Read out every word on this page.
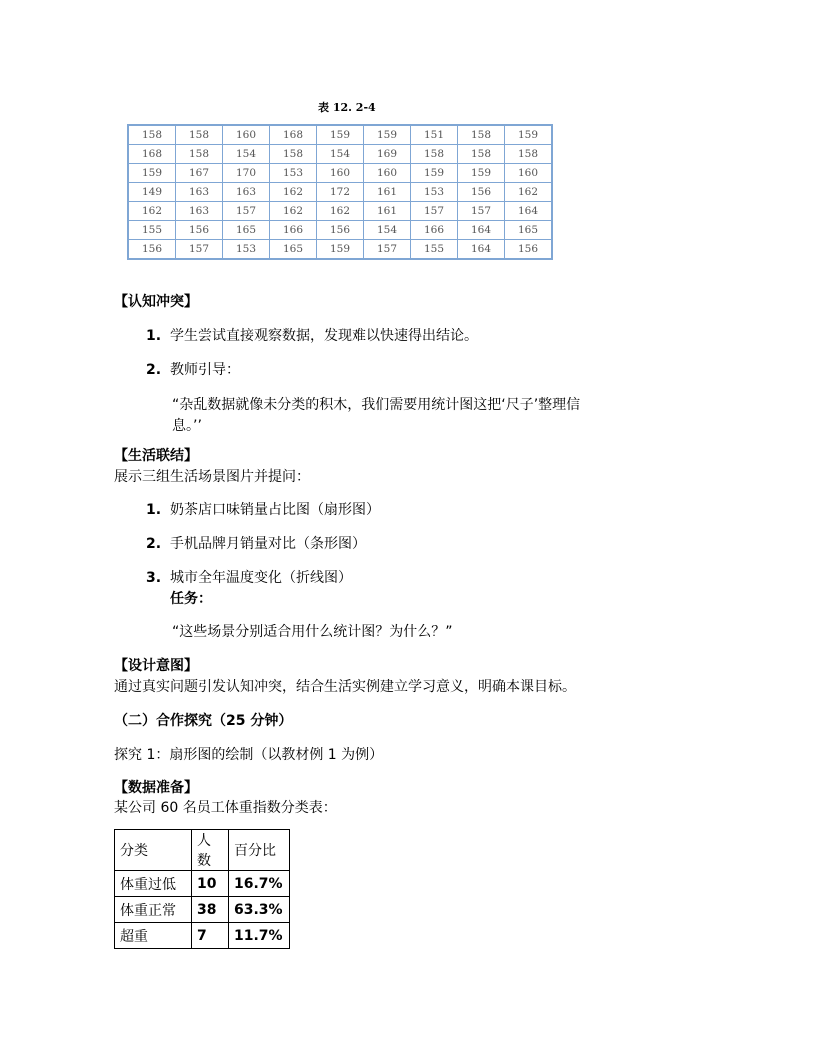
表 12. 2-4
158	158	160	168	159	159	151	158	159
168	158	154	158	154	169	158	158	158
159	167	170	153	160	160	159	159	160
149	163	163	162	172	161	153	156	162
162	163	157	162	162	161	157	157	164
155	156	165	166	156	154	166	164	165
156	157	153	165	159	157	155	164	156
【认知冲突】
1. 学生尝试直接观察数据，发现难以快速得出结论。
2. 教师引导：
“杂乱数据就像未分类的积木，我们需要用统计图这把‘尺子’整理信
息。’’
【生活联结】
展示三组生活场景图片并提问：
1. 奶茶店口味销量占比图（扇形图）
2. 手机品牌月销量对比（条形图）
3. 城市全年温度变化（折线图）
任务：
“这些场景分别适合用什么统计图？为什么？”
【设计意图】
通过真实问题引发认知冲突，结合生活实例建立学习意义，明确本课目标。
（二）合作探究（25 分钟）
探究 1：扇形图的绘制（以教材例 1 为例）
【数据准备】
某公司 60 名员工体重指数分类表：
分类	人数	百分比
体重过低	10	16.7%
体重正常	38	63.3%
超重	7	11.7%
